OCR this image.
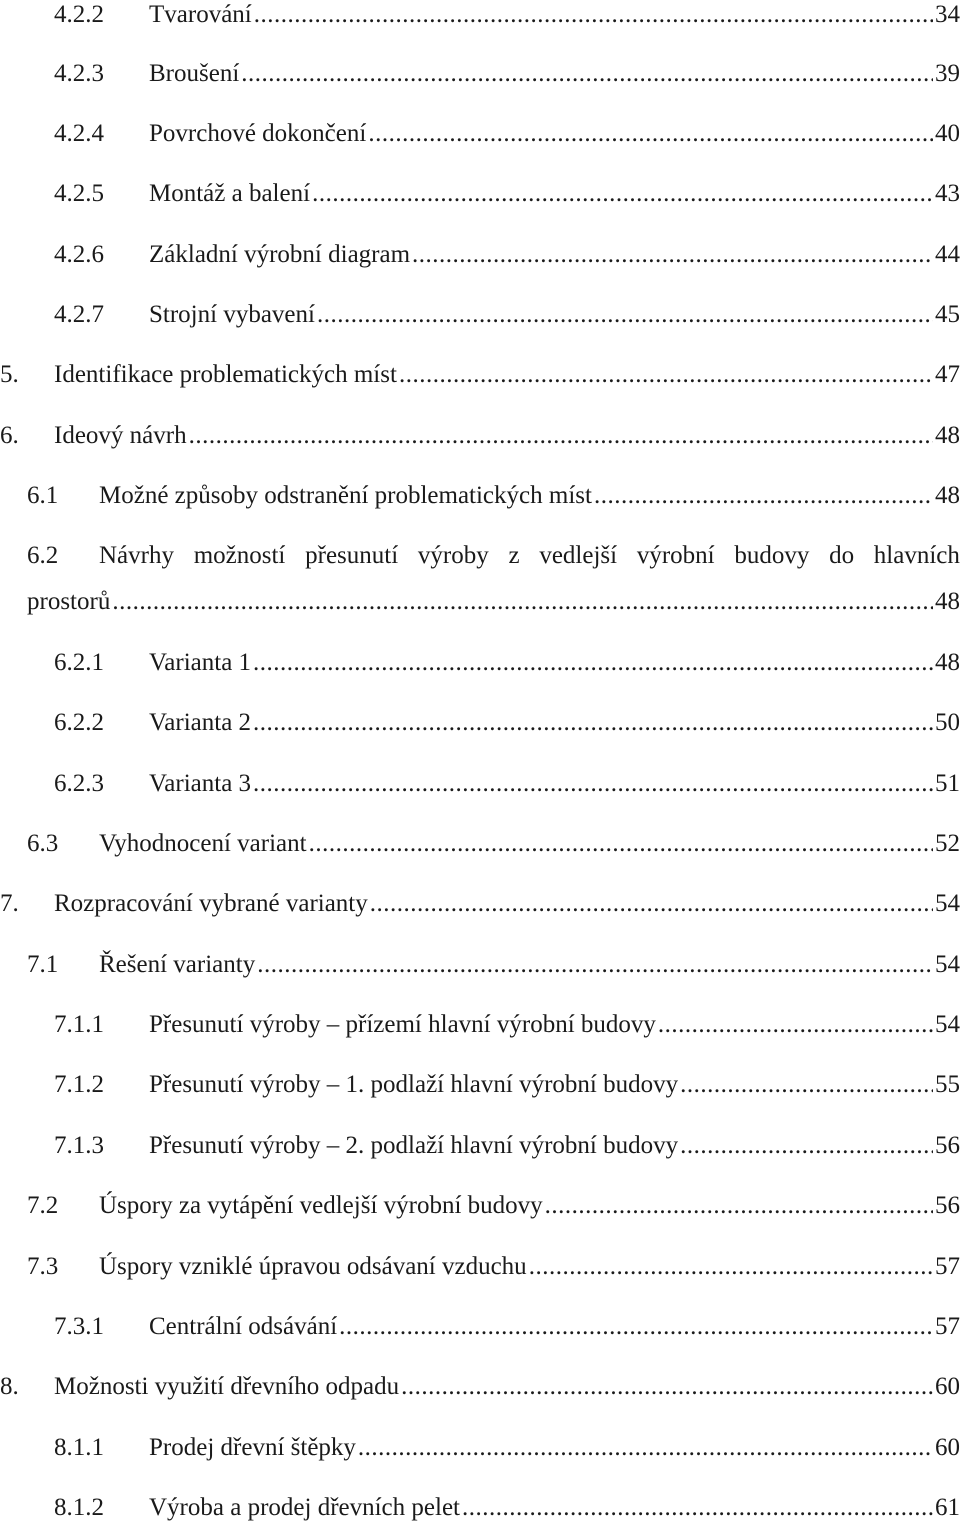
4.2.2 Tvarování .....	34
4.2.3 Broušení .....	39
4.2.4 Povrchové dokončení .....	40
4.2.5 Montáž a balení .....	43
4.2.6 Základní výrobní diagram .....	44
4.2.7 Strojní vybavení .....	45
5. Identifikace problematických míst .....	47
6. Ideový návrh .....	48
6.1 Možné způsoby odstranění problematických míst .....	48
6.2 Návrhy možností přesunutí výroby z vedlejší výrobní budovy do hlavních
prostorů .....	48
6.2.1 Varianta 1 .....	48
6.2.2 Varianta 2 .....	50
6.2.3 Varianta 3 .....	51
6.3 Vyhodnocení variant .....	52
7. Rozpracování vybrané varianty .....	54
7.1 Řešení varianty .....	54
7.1.1 Přesunutí výroby – přízemí hlavní výrobní budovy .....	54
7.1.2 Přesunutí výroby – 1. podlaží hlavní výrobní budovy .....	55
7.1.3 Přesunutí výroby – 2. podlaží hlavní výrobní budovy .....	56
7.2 Úspory za vytápění vedlejší výrobní budovy .....	56
7.3 Úspory vzniklé úpravou odsávaní vzduchu .....	57
7.3.1 Centrální odsávání .....	57
8. Možnosti využití dřevního odpadu .....	60
8.1.1 Prodej dřevní štěpky .....	60
8.1.2 Výroba a prodej dřevních pelet .....	61
